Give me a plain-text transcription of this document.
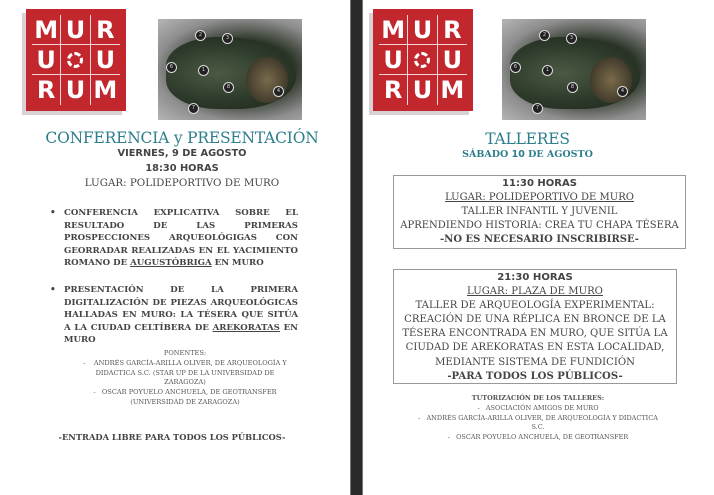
M U R
U U
R U M
2	3
6	1
8
4
7
CONFERENCIA y PRESENTACIÓN
VIERNES, 9 DE AGOSTO
18:30 HORAS
LUGAR: POLIDEPORTIVO DE MURO
• CONFERENCIA EXPLICATIVA SOBRE EL RESULTADO DE LAS PRIMERAS PROSPECCIONES ARQUEOLÓGIGAS CON GEORRADAR REALIZADAS EN EL YACIMIENTO ROMANO DE AUGUSTÓBRIGA EN MURO
• PRESENTACIÓN DE LA PRIMERA DIGITALIZACIÓN DE PIEZAS ARQUEOLÓGICAS HALLADAS EN MURO: LA TÉSERA QUE SITÚA A LA CIUDAD CELTÍBERA DE AREKORATAS EN MURO
PONENTES:
-    ANDRÉS GARCÍA-ARILLA OLIVER, DE ARQUEOLOGÍA Y
DIDACTICA S.C. (STAR UP DE LA UNIVERSIDAD DE
ZARAGOZA)
-   OSCAR POYUELO ANCHUELA, DE GEOTRANSFER
(UNIVERSIDAD DE ZARAGOZA)
-ENTRADA LIBRE PARA TODOS LOS PÚBLICOS-
M U R
U U
R U M
2	3
6	1
8
4
7
TALLERES
SÁBADO 10 DE AGOSTO
11:30 HORAS
LUGAR: POLIDEPORTIVO DE MURO
TALLER INFANTIL Y JUVENIL
APRENDIENDO HISTORIA: CREA TU CHAPA TÉSERA
-NO ES NECESARIO INSCRIBIRSE-
21:30 HORAS
LUGAR: PLAZA DE MURO
TALLER DE ARQUEOLOGÍA EXPERIMENTAL:
CREACIÓN DE UNA RÉPLICA EN BRONCE DE LA
TÉSERA ENCONTRADA EN MURO, QUE SITÚA LA
CIUDAD DE AREKORATAS EN ESTA LOCALIDAD,
MEDIANTE SISTEMA DE FUNDICIÓN
-PARA TODOS LOS PÚBLICOS-
TUTORIZACIÓN DE LOS TALLERES:
-   ASOCIACIÓN AMIGOS DE MURO
-   ANDRÉS GARCÍA-ARILLA OLIVER, DE ARQUEOLOGÍA Y DIDACTICA
S.C.
-   OSCAR POYUELO ANCHUELA, DE GEOTRANSFER
